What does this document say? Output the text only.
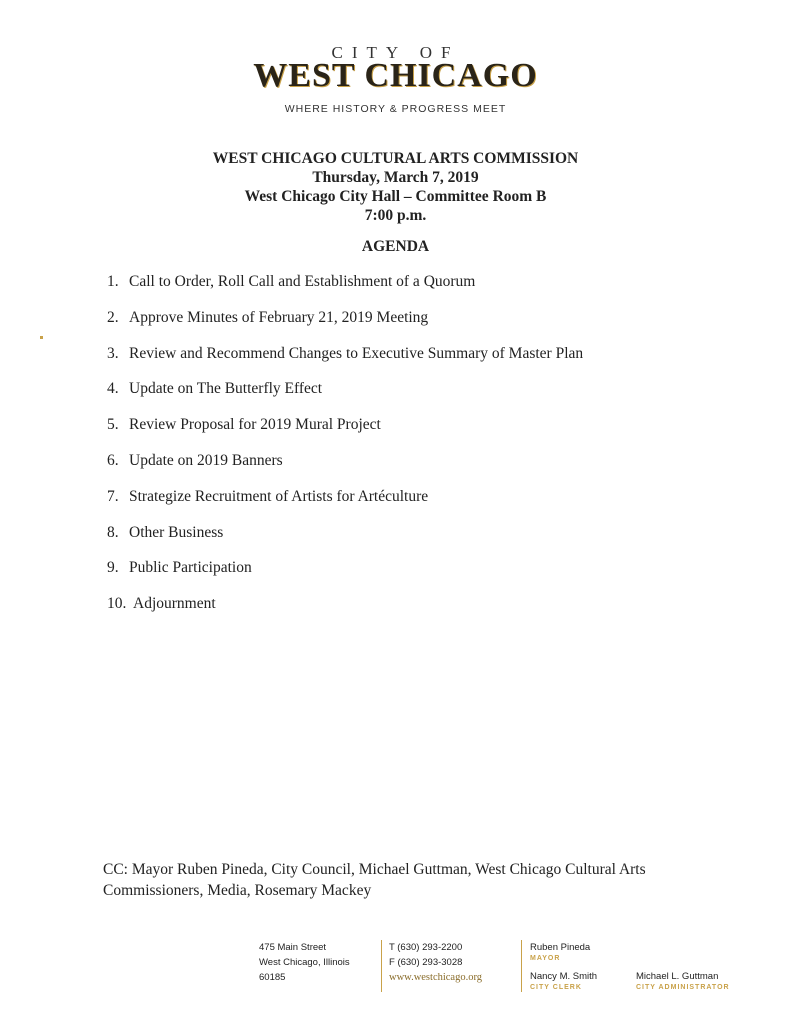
CITY OF
WEST CHICAGO
WHERE HISTORY & PROGRESS MEET
WEST CHICAGO CULTURAL ARTS COMMISSION
Thursday, March 7, 2019
West Chicago City Hall – Committee Room B
7:00 p.m.
AGENDA
1. Call to Order, Roll Call and Establishment of a Quorum
2. Approve Minutes of February 21, 2019 Meeting
3. Review and Recommend Changes to Executive Summary of Master Plan
4. Update on The Butterfly Effect
5. Review Proposal for 2019 Mural Project
6. Update on 2019 Banners
7. Strategize Recruitment of Artists for Artéculture
8. Other Business
9. Public Participation
10. Adjournment
CC: Mayor Ruben Pineda, City Council, Michael Guttman, West Chicago Cultural Arts Commissioners, Media, Rosemary Mackey
475 Main Street
West Chicago, Illinois
60185
T (630) 293-2200
F (630) 293-3028
www.westchicago.org
Ruben Pineda
MAYOR
Nancy M. Smith
CITY CLERK
Michael L. Guttman
CITY ADMINISTRATOR
